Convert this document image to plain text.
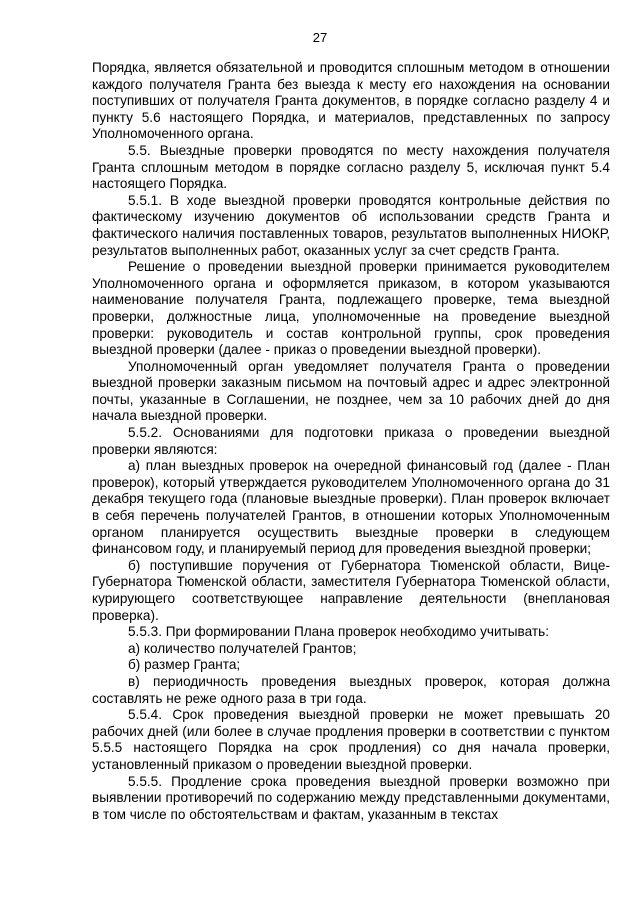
27

Порядка, является обязательной и проводится сплошным методом в отношении каждого получателя Гранта без выезда к месту его нахождения на основании поступивших от получателя Гранта документов, в порядке согласно разделу 4 и пункту 5.6 настоящего Порядка, и материалов, представленных по запросу Уполномоченного органа.

5.5. Выездные проверки проводятся по месту нахождения получателя Гранта сплошным методом в порядке согласно разделу 5, исключая пункт 5.4 настоящего Порядка.

5.5.1. В ходе выездной проверки проводятся контрольные действия по фактическому изучению документов об использовании средств Гранта и фактического наличия поставленных товаров, результатов выполненных НИОКР, результатов выполненных работ, оказанных услуг за счет средств Гранта.

Решение о проведении выездной проверки принимается руководителем Уполномоченного органа и оформляется приказом, в котором указываются наименование получателя Гранта, подлежащего проверке, тема выездной проверки, должностные лица, уполномоченные на проведение выездной проверки: руководитель и состав контрольной группы, срок проведения выездной проверки (далее - приказ о проведении выездной проверки).

Уполномоченный орган уведомляет получателя Гранта о проведении выездной проверки заказным письмом на почтовый адрес и адрес электронной почты, указанные в Соглашении, не позднее, чем за 10 рабочих дней до дня начала выездной проверки.

5.5.2. Основаниями для подготовки приказа о проведении выездной проверки являются:

а) план выездных проверок на очередной финансовый год (далее - План проверок), который утверждается руководителем Уполномоченного органа до 31 декабря текущего года (плановые выездные проверки). План проверок включает в себя перечень получателей Грантов, в отношении которых Уполномоченным органом планируется осуществить выездные проверки в следующем финансовом году, и планируемый период для проведения выездной проверки;

б) поступившие поручения от Губернатора Тюменской области, Вице-Губернатора Тюменской области, заместителя Губернатора Тюменской области, курирующего соответствующее направление деятельности (внеплановая проверка).

5.5.3. При формировании Плана проверок необходимо учитывать:

а) количество получателей Грантов;

б) размер Гранта;

в) периодичность проведения выездных проверок, которая должна составлять не реже одного раза в три года.

5.5.4. Срок проведения выездной проверки не может превышать 20 рабочих дней (или более в случае продления проверки в соответствии с пунктом 5.5.5 настоящего Порядка на срок продления) со дня начала проверки, установленный приказом о проведении выездной проверки.

5.5.5. Продление срока проведения выездной проверки возможно при выявлении противоречий по содержанию между представленными документами, в том числе по обстоятельствам и фактам, указанным в текстах
